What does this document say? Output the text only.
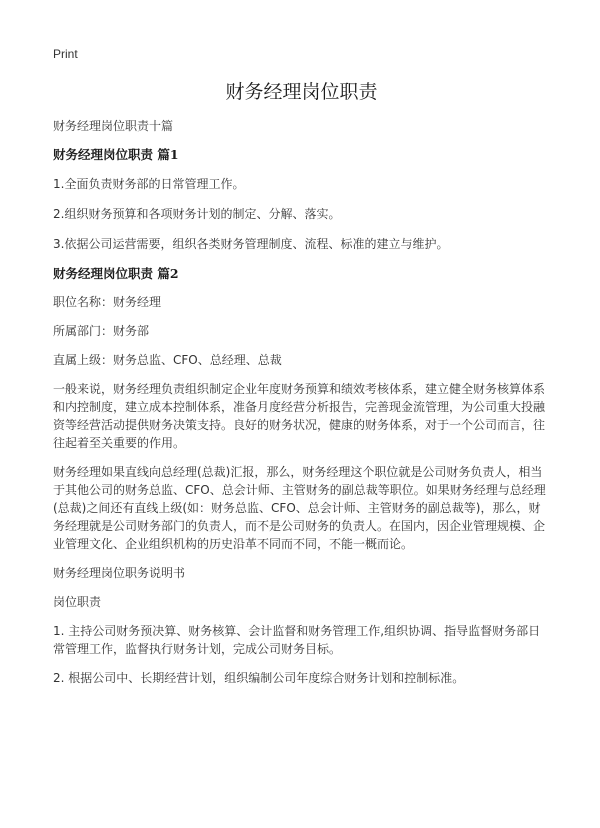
Print
财务经理岗位职责
财务经理岗位职责十篇
财务经理岗位职责 篇1

1.全面负责财务部的日常管理工作。

2.组织财务预算和各项财务计划的制定、分解、落实。

3.依据公司运营需要，组织各类财务管理制度、流程、标准的建立与维护。

财务经理岗位职责 篇2

职位名称：财务经理

所属部门：财务部

直属上级：财务总监、CFO、总经理、总裁

一般来说，财务经理负责组织制定企业年度财务预算和绩效考核体系，建立健全财务核算体系和内控制度，建立成本控制体系，准备月度经营分析报告，完善现金流管理，为公司重大投融资等经营活动提供财务决策支持。良好的财务状况，健康的财务体系，对于一个公司而言，往往起着至关重要的作用。

财务经理如果直线向总经理(总裁)汇报，那么，财务经理这个职位就是公司财务负责人，相当于其他公司的财务总监、CFO、总会计师、主管财务的副总裁等职位。如果财务经理与总经理(总裁)之间还有直线上级(如：财务总监、CFO、总会计师、主管财务的副总裁等)，那么，财务经理就是公司财务部门的负责人，而不是公司财务的负责人。在国内，因企业管理规模、企业管理文化、企业组织机构的历史沿革不同而不同，不能一概而论。

财务经理岗位职务说明书

岗位职责

1. 主持公司财务预决算、财务核算、会计监督和财务管理工作,组织协调、指导监督财务部日常管理工作，监督执行财务计划，完成公司财务目标。

2. 根据公司中、长期经营计划，组织编制公司年度综合财务计划和控制标准。
